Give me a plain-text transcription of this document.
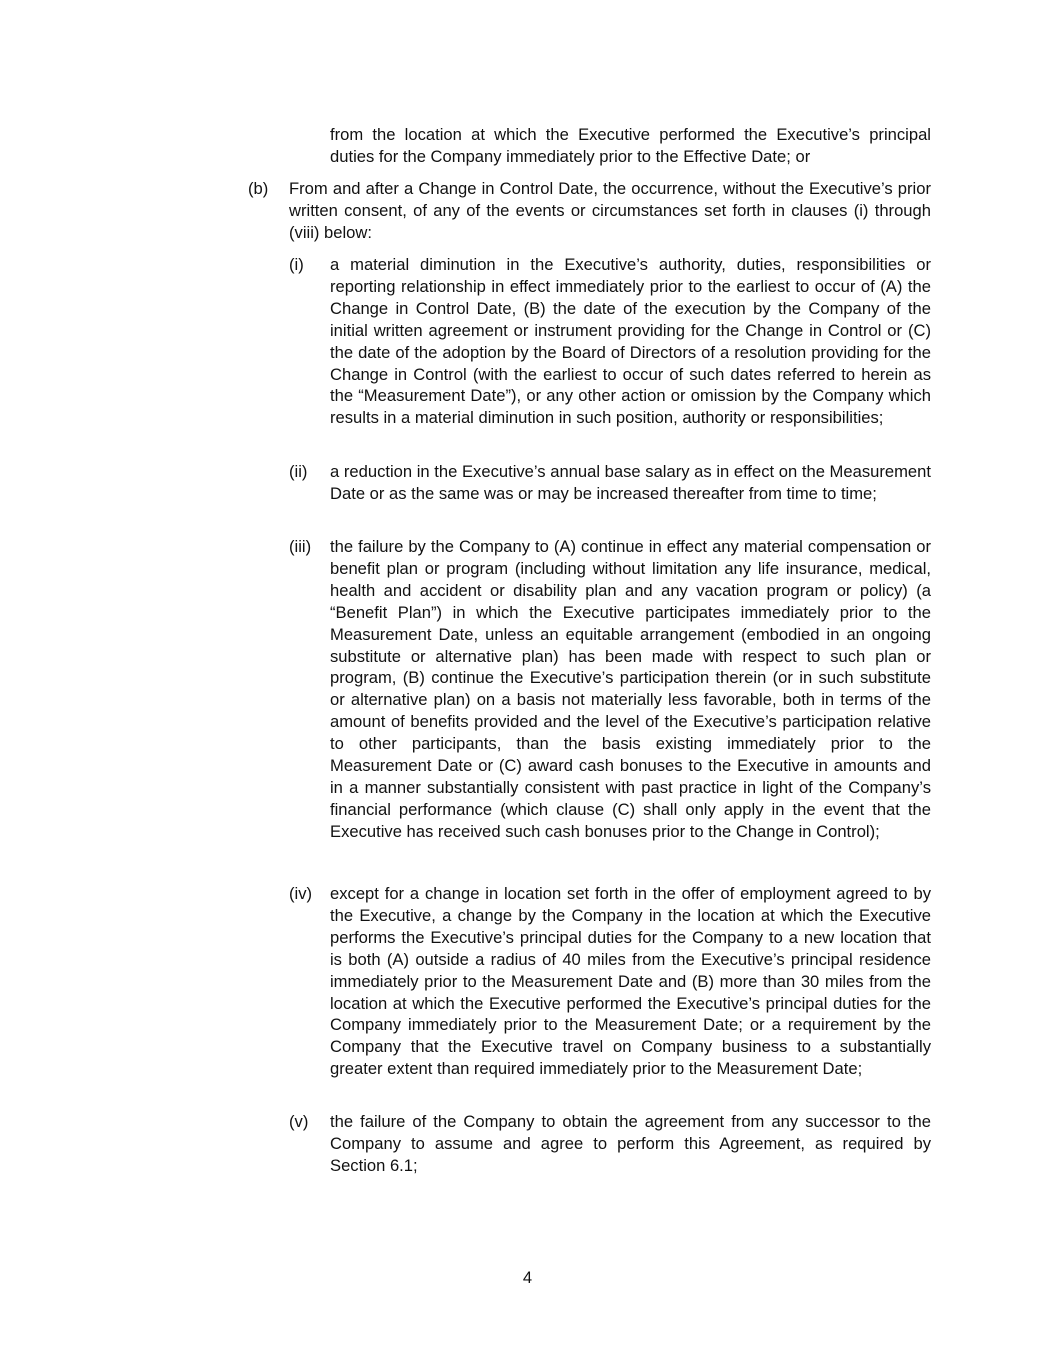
from the location at which the Executive performed the Executive’s principal duties for the Company immediately prior to the Effective Date; or
(b) From and after a Change in Control Date, the occurrence, without the Executive’s prior written consent, of any of the events or circumstances set forth in clauses (i) through (viii) below:
(i) a material diminution in the Executive’s authority, duties, responsibilities or reporting relationship in effect immediately prior to the earliest to occur of (A) the Change in Control Date, (B) the date of the execution by the Company of the initial written agreement or instrument providing for the Change in Control or (C) the date of the adoption by the Board of Directors of a resolution providing for the Change in Control (with the earliest to occur of such dates referred to herein as the “Measurement Date”), or any other action or omission by the Company which results in a material diminution in such position, authority or responsibilities;
(ii) a reduction in the Executive’s annual base salary as in effect on the Measurement Date or as the same was or may be increased thereafter from time to time;
(iii) the failure by the Company to (A) continue in effect any material compensation or benefit plan or program (including without limitation any life insurance, medical, health and accident or disability plan and any vacation program or policy) (a “Benefit Plan”) in which the Executive participates immediately prior to the Measurement Date, unless an equitable arrangement (embodied in an ongoing substitute or alternative plan) has been made with respect to such plan or program, (B) continue the Executive’s participation therein (or in such substitute or alternative plan) on a basis not materially less favorable, both in terms of the amount of benefits provided and the level of the Executive’s participation relative to other participants, than the basis existing immediately prior to the Measurement Date or (C) award cash bonuses to the Executive in amounts and in a manner substantially consistent with past practice in light of the Company’s financial performance (which clause (C) shall only apply in the event that the Executive has received such cash bonuses prior to the Change in Control);
(iv) except for a change in location set forth in the offer of employment agreed to by the Executive, a change by the Company in the location at which the Executive performs the Executive’s principal duties for the Company to a new location that is both (A) outside a radius of 40 miles from the Executive’s principal residence immediately prior to the Measurement Date and (B) more than 30 miles from the location at which the Executive performed the Executive’s principal duties for the Company immediately prior to the Measurement Date; or a requirement by the Company that the Executive travel on Company business to a substantially greater extent than required immediately prior to the Measurement Date;
(v) the failure of the Company to obtain the agreement from any successor to the Company to assume and agree to perform this Agreement, as required by Section 6.1;
4
